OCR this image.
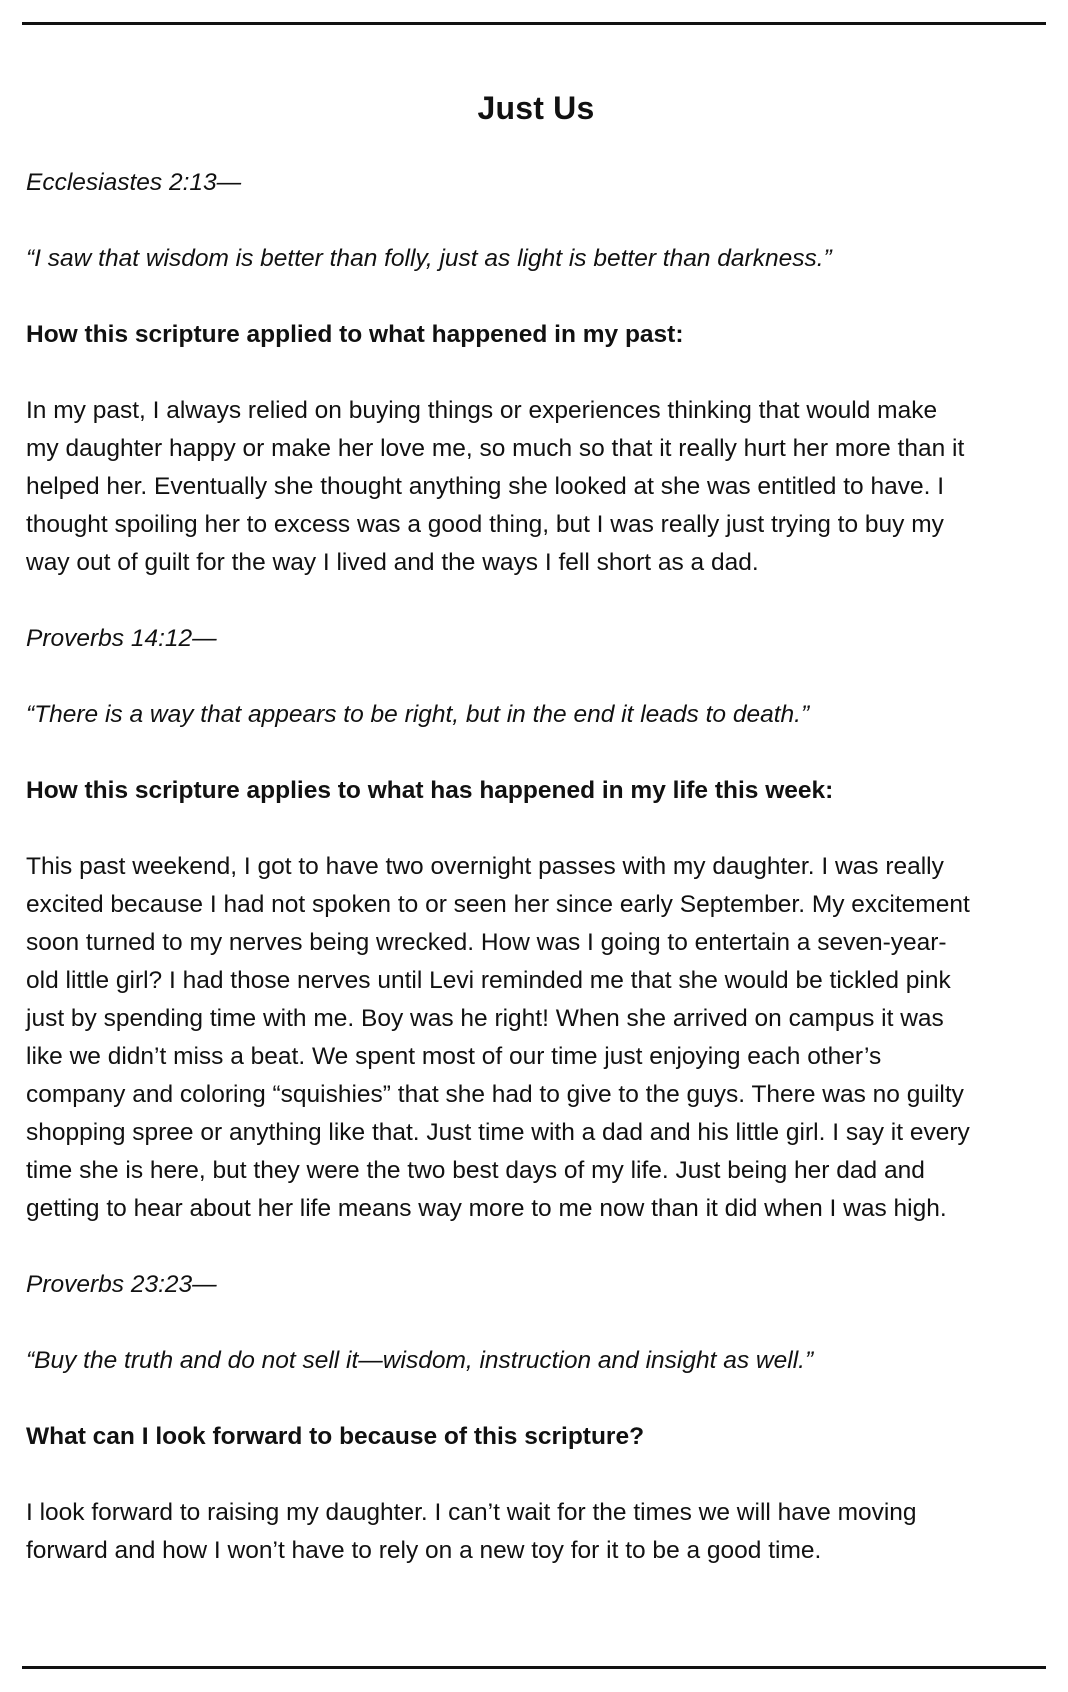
Just Us

Ecclesiastes 2:13—

“I saw that wisdom is better than folly, just as light is better than darkness.”

How this scripture applied to what happened in my past:

In my past, I always relied on buying things or experiences thinking that would make
my daughter happy or make her love me, so much so that it really hurt her more than it
helped her. Eventually she thought anything she looked at she was entitled to have. I
thought spoiling her to excess was a good thing, but I was really just trying to buy my
way out of guilt for the way I lived and the ways I fell short as a dad.

Proverbs 14:12—

“There is a way that appears to be right, but in the end it leads to death.”

How this scripture applies to what has happened in my life this week:

This past weekend, I got to have two overnight passes with my daughter. I was really
excited because I had not spoken to or seen her since early September. My excitement
soon turned to my nerves being wrecked. How was I going to entertain a seven-year-
old little girl? I had those nerves until Levi reminded me that she would be tickled pink
just by spending time with me. Boy was he right! When she arrived on campus it was
like we didn’t miss a beat. We spent most of our time just enjoying each other’s
company and coloring “squishies” that she had to give to the guys. There was no guilty
shopping spree or anything like that. Just time with a dad and his little girl. I say it every
time she is here, but they were the two best days of my life. Just being her dad and
getting to hear about her life means way more to me now than it did when I was high.

Proverbs 23:23—

“Buy the truth and do not sell it—wisdom, instruction and insight as well.”

What can I look forward to because of this scripture?

I look forward to raising my daughter. I can’t wait for the times we will have moving
forward and how I won’t have to rely on a new toy for it to be a good time.
